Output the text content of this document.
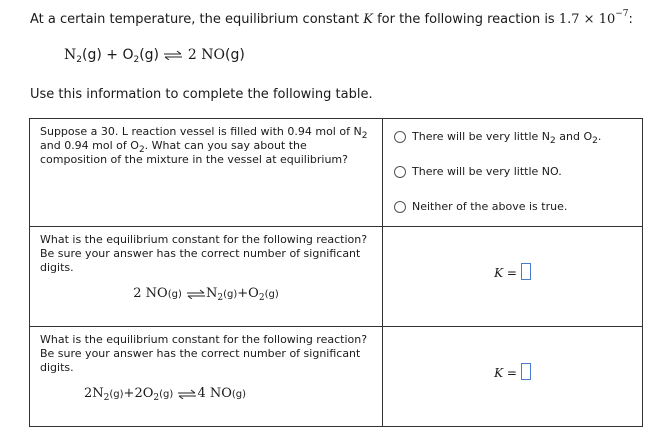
At a certain temperature, the equilibrium constant K for the following reaction is $1.7 \times 10^{-7}$:
$N_2(g) + O_2(g)$ ⇌ 2 NO(g)
Use this information to complete the following table.
Suppose a 30. L reaction vessel is filled with 0.94 mol of $N_2$ and 0.94 mol of $O_2$. What can you say about the composition of the mixture in the vessel at equilibrium?	There will be very little $N_2$ and $O_2$.
There will be very little NO.
Neither of the above is true.

What is the equilibrium constant for the following reaction? Be sure your answer has the correct number of significant digits.
2 NO(g) $\rightleftharpoons N_2(g)+O_2(g)$	K =

What is the equilibrium constant for the following reaction? Be sure your answer has the correct number of significant digits.
$2N_2(g)+2O_2(g)$ ⇌4 NO(g)	K =
